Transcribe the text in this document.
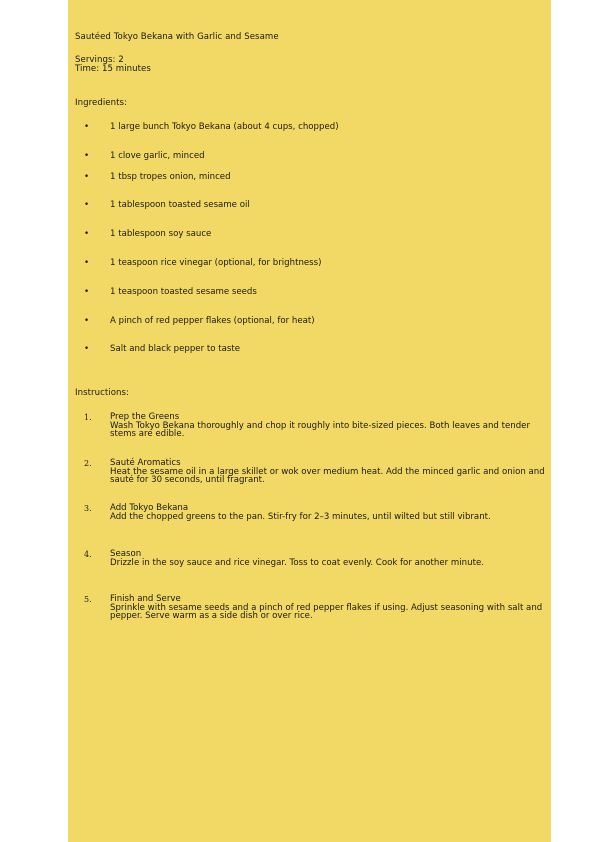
Sautéed Tokyo Bekana with Garlic and Sesame
Servings: 2
Time: 15 minutes
Ingredients:
• 1 large bunch Tokyo Bekana (about 4 cups, chopped)
• 1 clove garlic, minced
• 1 tbsp tropes onion, minced
• 1 tablespoon toasted sesame oil
• 1 tablespoon soy sauce
• 1 teaspoon rice vinegar (optional, for brightness)
• 1 teaspoon toasted sesame seeds
• A pinch of red pepper flakes (optional, for heat)
• Salt and black pepper to taste
Instructions:
1. Prep the Greens
Wash Tokyo Bekana thoroughly and chop it roughly into bite-sized pieces. Both leaves and tender stems are edible.
2. Sauté Aromatics
Heat the sesame oil in a large skillet or wok over medium heat. Add the minced garlic and onion and sauté for 30 seconds, until fragrant.
3. Add Tokyo Bekana
Add the chopped greens to the pan. Stir-fry for 2–3 minutes, until wilted but still vibrant.
4. Season
Drizzle in the soy sauce and rice vinegar. Toss to coat evenly. Cook for another minute.
5. Finish and Serve
Sprinkle with sesame seeds and a pinch of red pepper flakes if using. Adjust seasoning with salt and pepper. Serve warm as a side dish or over rice.
